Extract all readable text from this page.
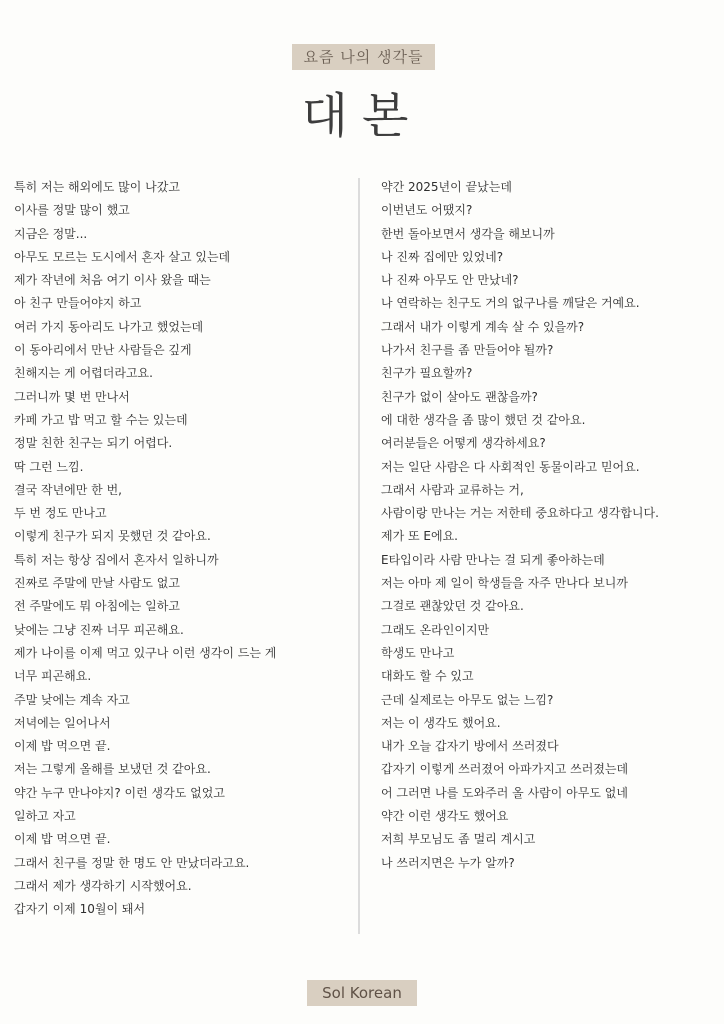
요즘 나의 생각들
대본
특히 저는 해외에도 많이 나갔고
이사를 정말 많이 했고
지금은 정말...
아무도 모르는 도시에서 혼자 살고 있는데
제가 작년에 처음 여기 이사 왔을 때는
아 친구 만들어야지 하고
여러 가지 동아리도 나가고 했었는데
이 동아리에서 만난 사람들은 깊게
친해지는 게 어렵더라고요.
그러니까 몇 번 만나서
카페 가고 밥 먹고 할 수는 있는데
정말 친한 친구는 되기 어렵다.
딱 그런 느낌.
결국 작년에만 한 번,
두 번 정도 만나고
이렇게 친구가 되지 못했던 것 같아요.
특히 저는 항상 집에서 혼자서 일하니까
진짜로 주말에 만날 사람도 없고
전 주말에도 뭐 아침에는 일하고
낮에는 그냥 진짜 너무 피곤해요.
제가 나이를 이제 먹고 있구나 이런 생각이 드는 게
너무 피곤해요.
주말 낮에는 계속 자고
저녁에는 일어나서
이제 밥 먹으면 끝.
저는 그렇게 올해를 보냈던 것 같아요.
약간 누구 만나야지? 이런 생각도 없었고
일하고 자고
이제 밥 먹으면 끝.
그래서 친구를 정말 한 명도 안 만났더라고요.
그래서 제가 생각하기 시작했어요.
갑자기 이제 10월이 돼서
약간 2025년이 끝났는데
이번년도 어땠지?
한번 돌아보면서 생각을 해보니까
나 진짜 집에만 있었네?
나 진짜 아무도 안 만났네?
나 연락하는 친구도 거의 없구나를 깨달은 거예요.
그래서 내가 이렇게 계속 살 수 있을까?
나가서 친구를 좀 만들어야 될까?
친구가 필요할까?
친구가 없이 살아도 괜찮을까?
에 대한 생각을 좀 많이 했던 것 같아요.
여러분들은 어떻게 생각하세요?
저는 일단 사람은 다 사회적인 동물이라고 믿어요.
그래서 사람과 교류하는 거,
사람이랑 만나는 거는 저한테 중요하다고 생각합니다.
제가 또 E에요.
E타입이라 사람 만나는 걸 되게 좋아하는데
저는 아마 제 일이 학생들을 자주 만나다 보니까
그걸로 괜찮았던 것 같아요.
그래도 온라인이지만
학생도 만나고
대화도 할 수 있고
근데 실제로는 아무도 없는 느낌?
저는 이 생각도 했어요.
내가 오늘 갑자기 방에서 쓰러졌다
갑자기 이렇게 쓰러졌어 아파가지고 쓰러졌는데
어 그러면 나를 도와주러 올 사람이 아무도 없네
약간 이런 생각도 했어요
저희 부모님도 좀 멀리 계시고
나 쓰러지면은 누가 알까?
Sol Korean
